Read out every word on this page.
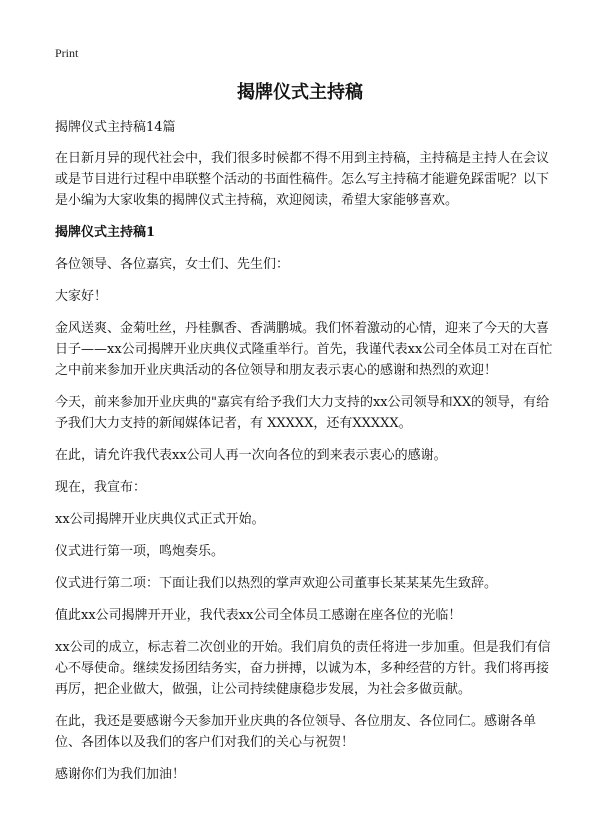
Print
揭牌仪式主持稿

揭牌仪式主持稿14篇

在日新月异的现代社会中，我们很多时候都不得不用到主持稿，主持稿是主持人在会议或是节目进行过程中串联整个活动的书面性稿件。怎么写主持稿才能避免踩雷呢？以下是小编为大家收集的揭牌仪式主持稿，欢迎阅读，希望大家能够喜欢。

揭牌仪式主持稿1

各位领导、各位嘉宾，女士们、先生们：

大家好！

金风送爽、金菊吐丝，丹桂飘香、香满鹏城。我们怀着激动的心情，迎来了今天的大喜日子——xx公司揭牌开业庆典仪式隆重举行。首先，我谨代表xx公司全体员工对在百忙之中前来参加开业庆典活动的各位领导和朋友表示衷心的感谢和热烈的欢迎！

今天，前来参加开业庆典的"嘉宾有给予我们大力支持的xx公司领导和XX的领导，有给予我们大力支持的新闻媒体记者，有 XXXXX，还有XXXXX。

在此，请允许我代表xx公司人再一次向各位的到来表示衷心的感谢。

现在，我宣布：

xx公司揭牌开业庆典仪式正式开始。

仪式进行第一项，鸣炮奏乐。

仪式进行第二项：下面让我们以热烈的掌声欢迎公司董事长某某某先生致辞。

值此xx公司揭牌开开业，我代表xx公司全体员工感谢在座各位的光临！

xx公司的成立，标志着二次创业的开始。我们肩负的责任将进一步加重。但是我们有信心不辱使命。继续发扬团结务实，奋力拼搏，以诚为本，多种经营的方针。我们将再接再厉，把企业做大，做强，让公司持续健康稳步发展，为社会多做贡献。

在此，我还是要感谢今天参加开业庆典的各位领导、各位朋友、各位同仁。感谢各单位、各团体以及我们的客户们对我们的关心与祝贺！

感谢你们为我们加油！
